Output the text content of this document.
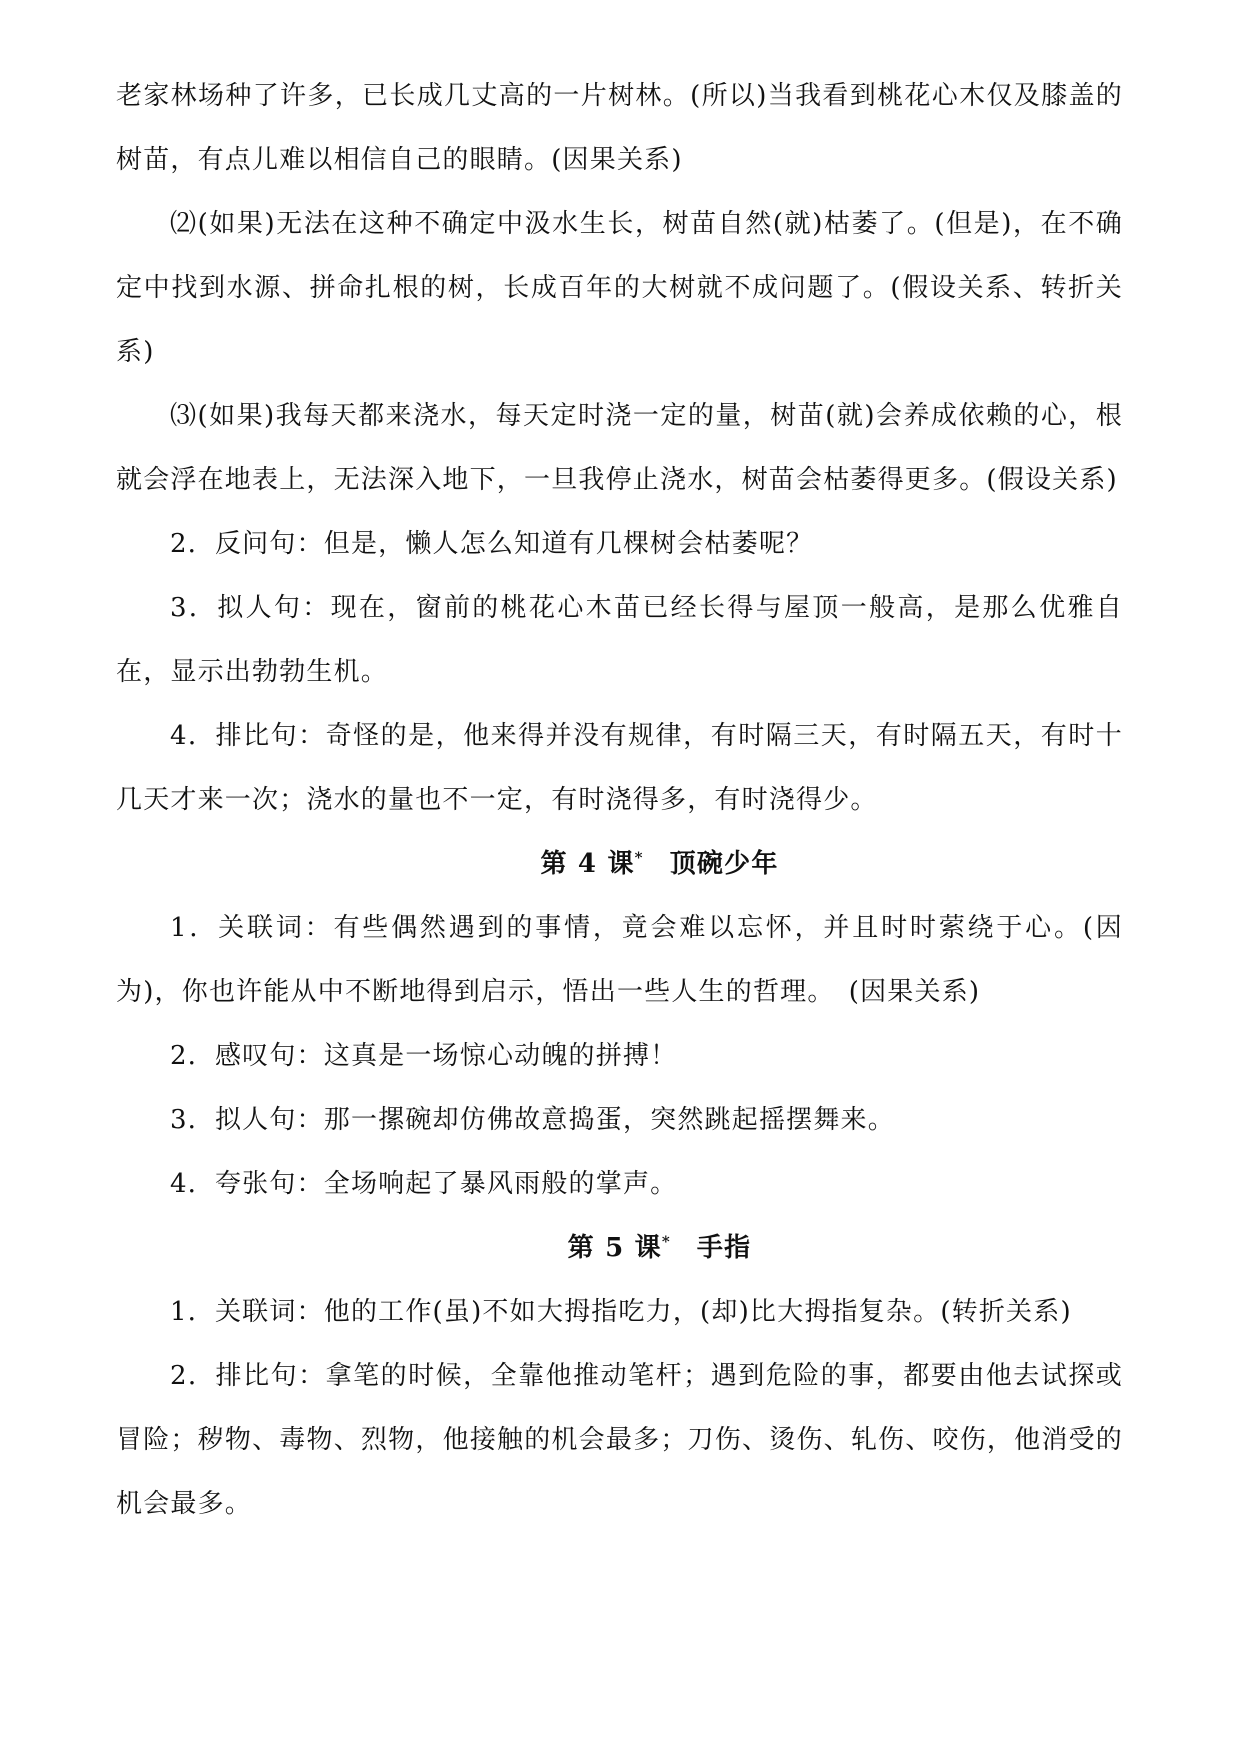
老家林场种了许多，已长成几丈高的一片树林。(所以)当我看到桃花心木仅及膝盖的树苗，有点儿难以相信自己的眼睛。(因果关系)

⑵(如果)无法在这种不确定中汲水生长，树苗自然(就)枯萎了。(但是)，在不确定中找到水源、拼命扎根的树，长成百年的大树就不成问题了。(假设关系、转折关系)

⑶(如果)我每天都来浇水，每天定时浇一定的量，树苗(就)会养成依赖的心，根就会浮在地表上，无法深入地下，一旦我停止浇水，树苗会枯萎得更多。(假设关系)

2．反问句：但是，懒人怎么知道有几棵树会枯萎呢？

3．拟人句：现在，窗前的桃花心木苗已经长得与屋顶一般高，是那么优雅自在，显示出勃勃生机。

4．排比句：奇怪的是，他来得并没有规律，有时隔三天，有时隔五天，有时十几天才来一次；浇水的量也不一定，有时浇得多，有时浇得少。

第 4 课* 顶碗少年

1．关联词：有些偶然遇到的事情，竟会难以忘怀，并且时时萦绕于心。(因为)，你也许能从中不断地得到启示，悟出一些人生的哲理。　(因果关系)

2．感叹句：这真是一场惊心动魄的拼搏！

3．拟人句：那一摞碗却仿佛故意捣蛋，突然跳起摇摆舞来。

4．夸张句：全场响起了暴风雨般的掌声。

第 5 课* 手指

1．关联词：他的工作(虽)不如大拇指吃力，(却)比大拇指复杂。(转折关系)

2．排比句：拿笔的时候，全靠他推动笔杆；遇到危险的事，都要由他去试探或冒险；秽物、毒物、烈物，他接触的机会最多；刀伤、烫伤、轧伤、咬伤，他消受的机会最多。
